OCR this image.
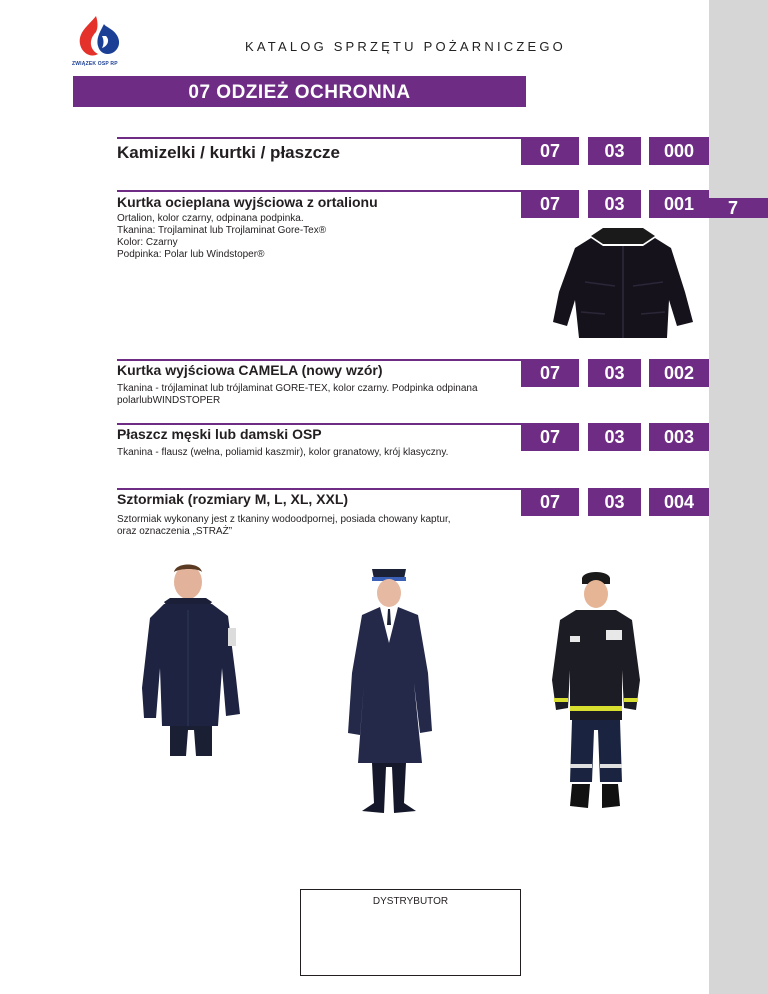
7
ZWIĄZEK OSP RP
KATALOG SPRZĘTU POŻARNICZEGO
07 ODZIEŻ OCHRONNA
Kamizelki / kurtki / płaszcze	07	03	000
Kurtka ocieplana wyjściowa z ortalionu	07	03	001
Ortalion, kolor czarny, odpinana podpinka.
Tkanina: Trojlaminat lub Trojlaminat Gore-Tex®
Kolor: Czarny
Podpinka: Polar lub Windstoper®
Kurtka wyjściowa CAMELA (nowy wzór)	07	03	002
Tkanina - trójlaminat lub trójlaminat GORE-TEX, kolor czarny. Podpinka odpinana
polarlubWINDSTOPER
Płaszcz męski lub damski OSP	07	03	003
Tkanina - flausz (wełna, poliamid kaszmir), kolor granatowy, krój klasyczny.
Sztormiak (rozmiary M, L, XL, XXL)	07	03	004
Sztormiak wykonany jest z tkaniny wodoodpornej, posiada chowany kaptur,
oraz oznaczenia „STRAŻ”
DYSTRYBUTOR
